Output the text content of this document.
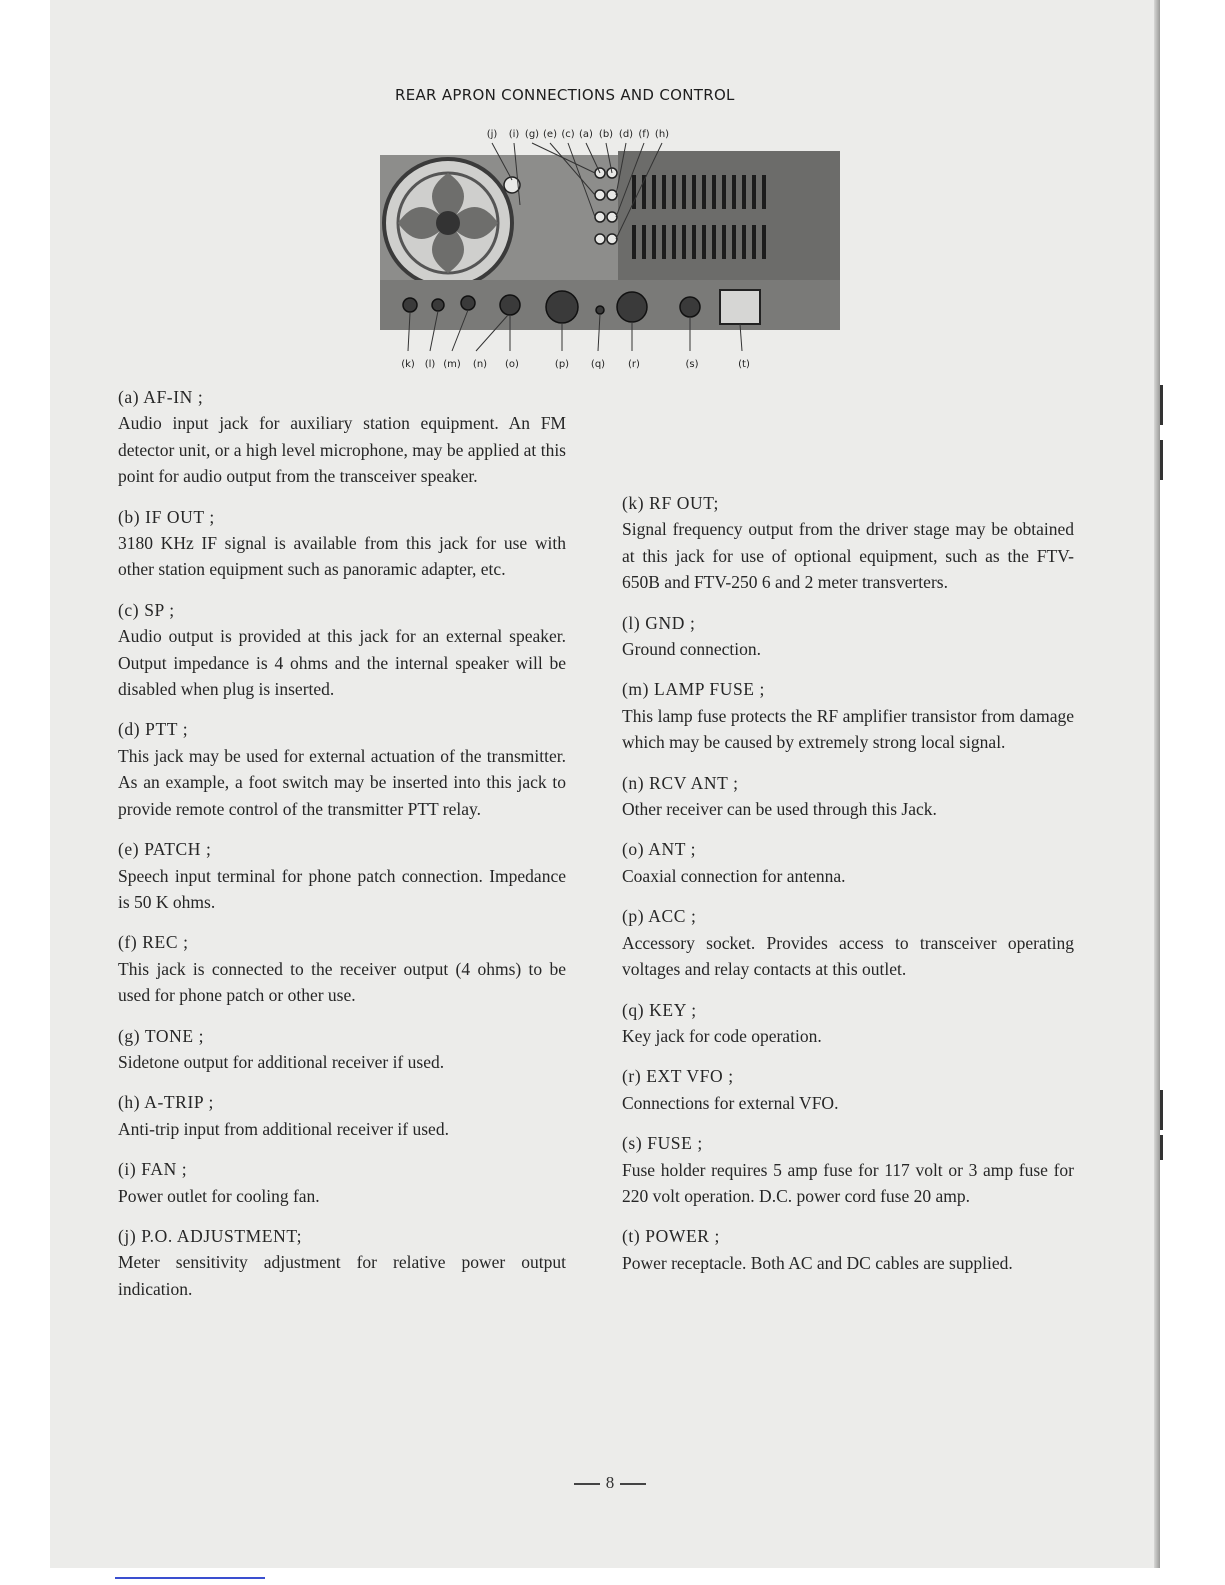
REAR APRON CONNECTIONS AND CONTROL
(j) (i) (g) (e) (c) (a) (b) (d) (f) (h)
(k) (l) (m) (n) (o)	(p) (q) (r)	(s)	(t)
(a) AF-IN ;
Audio input jack for auxiliary station equipment. An FM detector unit, or a high level microphone, may be applied at this point for audio output from the transceiver speaker.
(b) IF OUT ;
3180 KHz IF signal is available from this jack for use with other station equipment such as panoramic adapter, etc.
(c) SP ;
Audio output is provided at this jack for an external speaker. Output impedance is 4 ohms and the internal speaker will be disabled when plug is inserted.
(d) PTT ;
This jack may be used for external actuation of the transmitter. As an example, a foot switch may be inserted into this jack to provide remote control of the transmitter PTT relay.
(e) PATCH ;
Speech input terminal for phone patch connection. Impedance is 50 K ohms.
(f) REC ;
This jack is connected to the receiver output (4 ohms) to be used for phone patch or other use.
(g) TONE ;
Sidetone output for additional receiver if used.
(h) A-TRIP ;
Anti-trip input from additional receiver if used.
(i) FAN ;
Power outlet for cooling fan.
(j) P.O. ADJUSTMENT;
Meter sensitivity adjustment for relative power output indication.
(k) RF OUT;
Signal frequency output from the driver stage may be obtained at this jack for use of optional equipment, such as the FTV-650B and FTV-250 6 and 2 meter transverters.
(l) GND ;
Ground connection.
(m) LAMP FUSE ;
This lamp fuse protects the RF amplifier transistor from damage which may be caused by extremely strong local signal.
(n) RCV ANT ;
Other receiver can be used through this Jack.
(o) ANT ;
Coaxial connection for antenna.
(p) ACC ;
Accessory socket. Provides access to transceiver operating voltages and relay contacts at this outlet.
(q) KEY ;
Key jack for code operation.
(r) EXT VFO ;
Connections for external VFO.
(s) FUSE ;
Fuse holder requires 5 amp fuse for 117 volt or 3 amp fuse for 220 volt operation. D.C. power cord fuse 20 amp.
(t) POWER ;
Power receptacle. Both AC and DC cables are supplied.
8
